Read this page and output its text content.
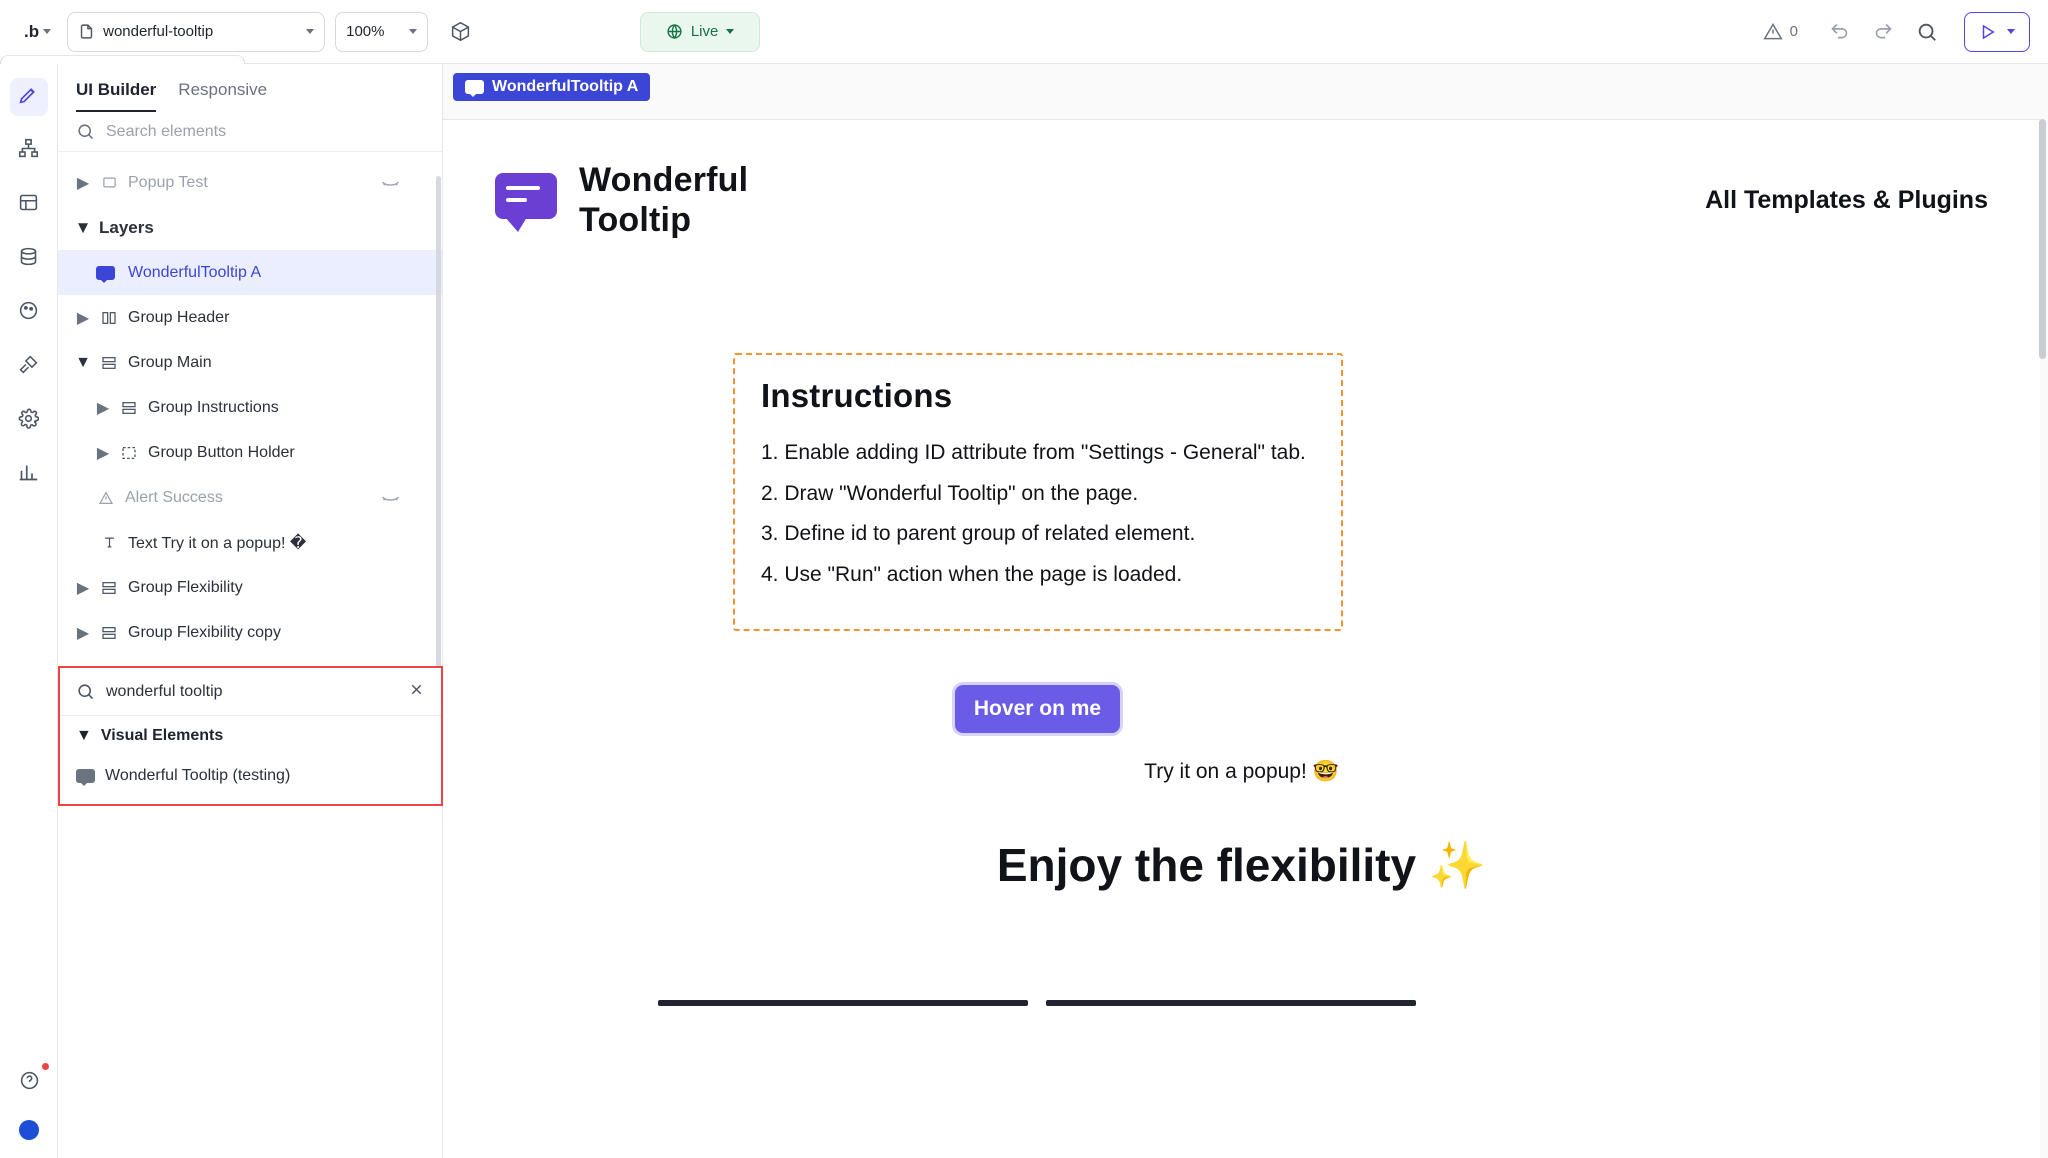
.b	wonderful-tooltip	100%	Live	0
UI Builder Responsive
Search elements
▶ Popup Test
▼ Layers
WonderfulTooltip A
▶ Group Header
▼ Group Main
▶ Group Instructions
▶ Group Button Holder
Alert Success
Text Try it on a popup! �
▶ Group Flexibility
▶ Group Flexibility copy
wonderful tooltip
▼ Visual Elements
Wonderful Tooltip (testing)
WonderfulTooltip A
Wonderful
Tooltip
All Templates & Plugins
Instructions

1. Enable adding ID attribute from "Settings - General" tab.

2. Draw "Wonderful Tooltip" on the page.

3. Define id to parent group of related element.

4. Use "Run" action when the page is loaded.

Hover on me
Try it on a popup! 🤓
Enjoy the flexibility ✨
